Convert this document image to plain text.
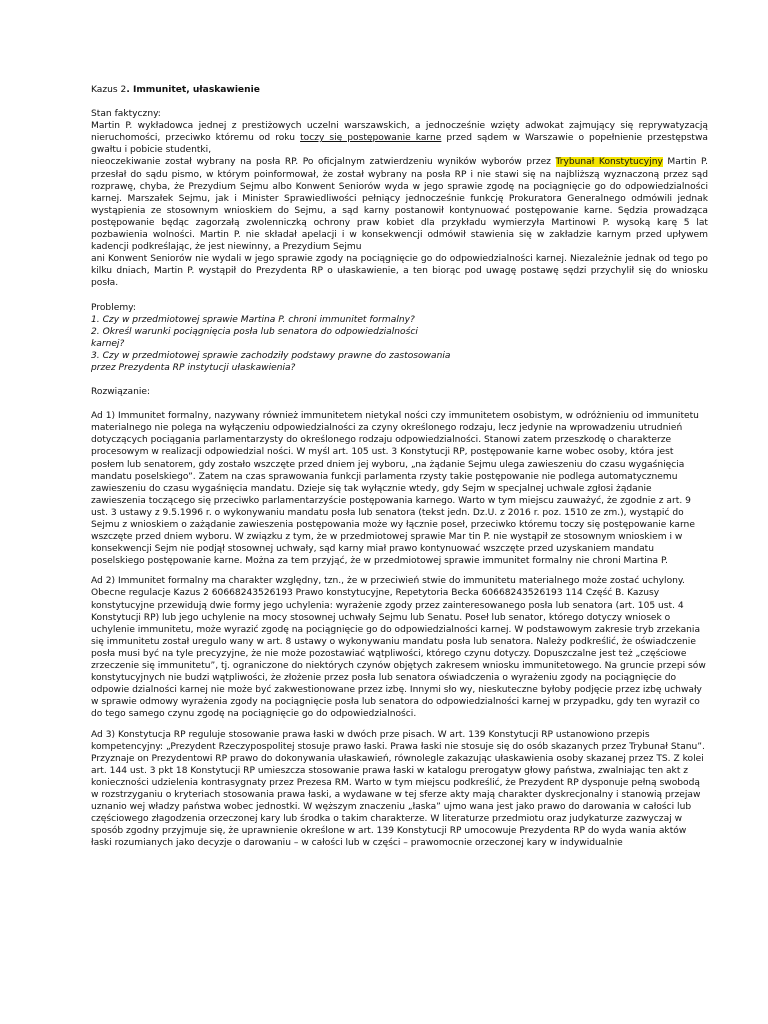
Kazus 2. Immunitet, ułaskawienie

Stan faktyczny:

Martin P. wykładowca jednej z prestiżowych uczelni warszawskich, a jednocześnie wzięty adwokat zajmujący się reprywatyzacją nieruchomości, przeciwko któremu od roku toczy się postępowanie karne przed sądem w Warszawie o popełnienie przestępstwa gwałtu i pobicie studentki,

nieoczekiwanie został wybrany na posła RP. Po oficjalnym zatwierdzeniu wyników wyborów przez Trybunał Konstytucyjny Martin P. przesłał do sądu pismo, w którym poinformował, że został wybrany na posła RP i nie stawi się na najbliższą wyznaczoną przez sąd rozprawę, chyba, że Prezydium Sejmu albo Konwent Seniorów wyda w jego sprawie zgodę na pociągnięcie go do odpowiedzialności karnej. Marszałek Sejmu, jak i Minister Sprawiedliwości pełniący jednocześnie funkcję Prokuratora Generalnego odmówili jednak wystąpienia ze stosownym wnioskiem do Sejmu, a sąd karny postanowił kontynuować postępowanie karne. Sędzia prowadząca postępowanie będąc zagorzałą zwolenniczką ochrony praw kobiet dla przykładu wymierzyła Martinowi P. wysoką karę 5 lat pozbawienia wolności. Martin P. nie składał apelacji i w konsekwencji odmówił stawienia się w zakładzie karnym przed upływem kadencji podkreślając, że jest niewinny, a Prezydium Sejmu

ani Konwent Seniorów nie wydali w jego sprawie zgody na pociągnięcie go do odpowiedzialności karnej. Niezależnie jednak od tego po kilku dniach, Martin P. wystąpił do Prezydenta RP o ułaskawienie, a ten biorąc pod uwagę postawę sędzi przychylił się do wniosku posła.

Problemy:

1. Czy w przedmiotowej sprawie Martina P. chroni immunitet formalny?

2. Określ warunki pociągnięcia posła lub senatora do odpowiedzialności

karnej?

3. Czy w przedmiotowej sprawie zachodziły podstawy prawne do zastosowania

przez Prezydenta RP instytucji ułaskawienia?

Rozwiązanie:

Ad 1) Immunitet formalny, nazywany również immunitetem nietykal ności czy immunitetem osobistym, w odróżnieniu od immunitetu materialnego nie polega na wyłączeniu odpowiedzialności za czyny określonego rodzaju, lecz jedynie na wprowadzeniu utrudnień dotyczących pociągania parlamentarzysty do określonego rodzaju odpowiedzialności. Stanowi zatem przeszkodę o charakterze procesowym w realizacji odpowiedzial ności. W myśl art. 105 ust. 3 Konstytucji RP, postępowanie karne wobec osoby, która jest posłem lub senatorem, gdy zostało wszczęte przed dniem jej wyboru, „na żądanie Sejmu ulega zawieszeniu do czasu wygaśnięcia mandatu poselskiego”. Zatem na czas sprawowania funkcji parlamenta rzysty takie postępowanie nie podlega automatycznemu zawieszeniu do czasu wygaśnięcia mandatu. Dzieje się tak wyłącznie wtedy, gdy Sejm w specjalnej uchwale zgłosi żądanie zawieszenia toczącego się przeciwko parlamentarzyście postępowania karnego. Warto w tym miejscu zauważyć, że zgodnie z art. 9 ust. 3 ustawy z 9.5.1996 r. o wykonywaniu mandatu posła lub senatora (tekst jedn. Dz.U. z 2016 r. poz. 1510 ze zm.), wystąpić do Sejmu z wnioskiem o zażądanie zawieszenia postępowania może wy łącznie poseł, przeciwko któremu toczy się postępowanie karne wszczęte przed dniem wyboru. W związku z tym, że w przedmiotowej sprawie Mar tin P. nie wystąpił ze stosownym wnioskiem i w konsekwencji Sejm nie podjął stosownej uchwały, sąd karny miał prawo kontynuować wszczęte przed uzyskaniem mandatu poselskiego postępowanie karne. Można za tem przyjąć, że w przedmiotowej sprawie immunitet formalny nie chroni Martina P.

Ad 2) Immunitet formalny ma charakter względny, tzn., że w przeciwień stwie do immunitetu materialnego może zostać uchylony. Obecne regulacje Kazus 2 60668243526193 Prawo konstytucyjne, Repetytoria Becka 60668243526193 114 Część B. Kazusy konstytucyjne przewidują dwie formy jego uchylenia: wyrażenie zgody przez zainteresowanego posła lub senatora (art. 105 ust. 4 Konstytucji RP) lub jego uchylenie na mocy stosownej uchwały Sejmu lub Senatu. Poseł lub senator, którego dotyczy wniosek o uchylenie immunitetu, może wyrazić zgodę na pociągnięcie go do odpowiedzialności karnej. W podstawowym zakresie tryb zrzekania się immunitetu został uregulo wany w art. 8 ustawy o wykonywaniu mandatu posła lub senatora. Należy podkreślić, że oświadczenie posła musi być na tyle precyzyjne, że nie może pozostawiać wątpliwości, którego czynu dotyczy. Dopuszczalne jest też „częściowe zrzeczenie się immunitetu”, tj. ograniczone do niektórych czynów objętych zakresem wniosku immunitetowego. Na gruncie przepi sów konstytucyjnych nie budzi wątpliwości, że złożenie przez posła lub senatora oświadczenia o wyrażeniu zgody na pociągnięcie do odpowie dzialności karnej nie może być zakwestionowane przez izbę. Innymi sło wy, nieskuteczne byłoby podjęcie przez izbę uchwały w sprawie odmowy wyrażenia zgody na pociągnięcie posła lub senatora do odpowiedzialności karnej w przypadku, gdy ten wyraził co do tego samego czynu zgodę na pociągnięcie go do odpowiedzialności.

Ad 3) Konstytucja RP reguluje stosowanie prawa łaski w dwóch prze pisach. W art. 139 Konstytucji RP ustanowiono przepis kompetencyjny: „Prezydent Rzeczypospolitej stosuje prawo łaski. Prawa łaski nie stosuje się do osób skazanych przez Trybunał Stanu”. Przyznaje on Prezydentowi RP prawo do dokonywania ułaskawień, równolegle zakazując ułaskawienia osoby skazanej przez TS. Z kolei art. 144 ust. 3 pkt 18 Konstytucji RP umieszcza stosowanie prawa łaski w katalogu prerogatyw głowy państwa, zwalniając ten akt z konieczności udzielenia kontrasygnaty przez Prezesa RM. Warto w tym miejscu podkreślić, że Prezydent RP dysponuje pełną swobodą w rozstrzyganiu o kryteriach stosowania prawa łaski, a wydawane w tej sferze akty mają charakter dyskrecjonalny i stanowią przejaw uznanio wej władzy państwa wobec jednostki. W węższym znaczeniu „łaska” ujmo wana jest jako prawo do darowania w całości lub częściowego złagodzenia orzeczonej kary lub środka o takim charakterze. W literaturze przedmiotu oraz judykaturze zazwyczaj w sposób zgodny przyjmuje się, że uprawnienie określone w art. 139 Konstytucji RP umocowuje Prezydenta RP do wyda wania aktów łaski rozumianych jako decyzje o darowaniu – w całości lub w części – prawomocnie orzeczonej kary w indywidualnie
